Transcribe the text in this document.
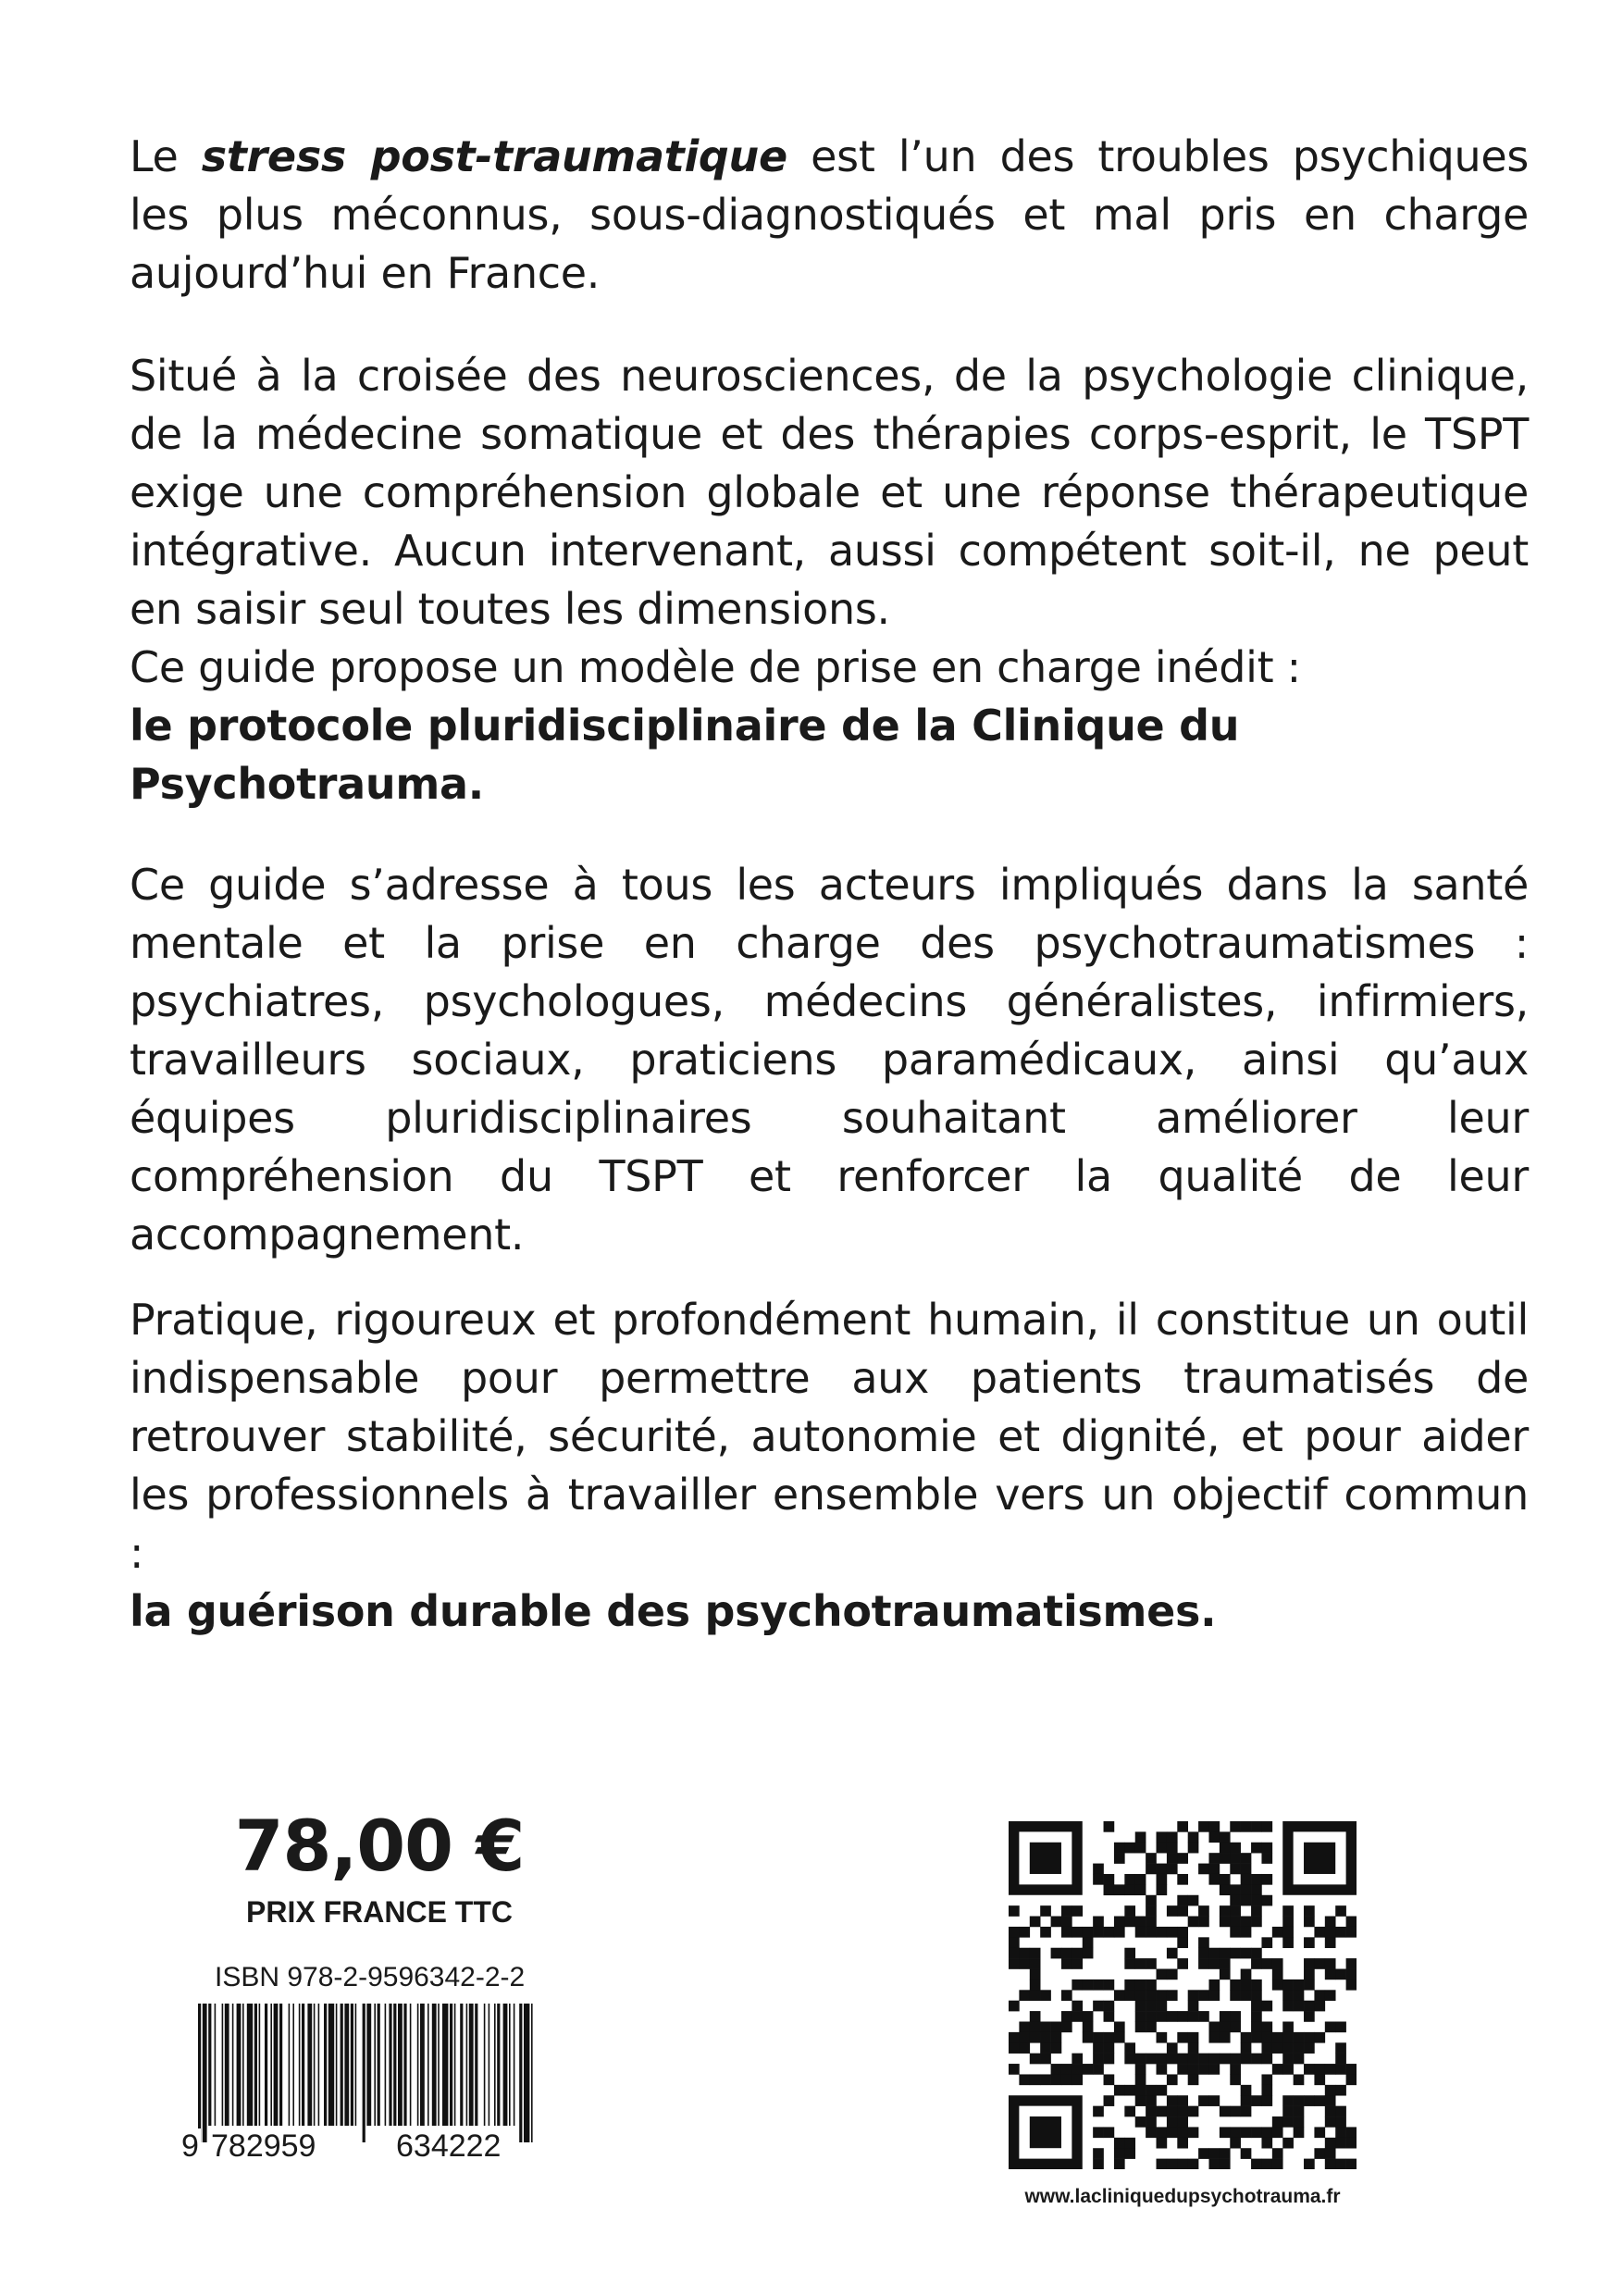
Le stress post-traumatique est l’un des troubles psychiques les plus méconnus, sous-diagnostiqués et mal pris en charge aujourd’hui en France.

Situé à la croisée des neurosciences, de la psychologie clinique, de la médecine somatique et des thérapies corps-esprit, le TSPT exige une compréhension globale et une réponse thérapeutique intégrative. Aucun intervenant, aussi compétent soit-il, ne peut en saisir seul toutes les dimensions.

Ce guide propose un modèle de prise en charge inédit :

le protocole pluridisciplinaire de la Clinique du Psychotrauma.

Ce guide s’adresse à tous les acteurs impliqués dans la santé mentale et la prise en charge des psychotraumatismes : psychiatres, psychologues, médecins généralistes, infirmiers, travailleurs sociaux, praticiens paramédicaux, ainsi qu’aux équipes pluridisciplinaires souhaitant améliorer leur compréhension du TSPT et renforcer la qualité de leur accompagnement.

Pratique, rigoureux et profondément humain, il constitue un outil indispensable pour permettre aux patients traumatisés de retrouver stabilité, sécurité, autonomie et dignité, et pour aider les professionnels à travailler ensemble vers un objectif commun :

la guérison durable des psychotraumatismes.

78,00 €
PRIX FRANCE TTC
ISBN 978-2-9596342-2-2
9 782959	634222
www.lacliniquedupsychotrauma.fr
